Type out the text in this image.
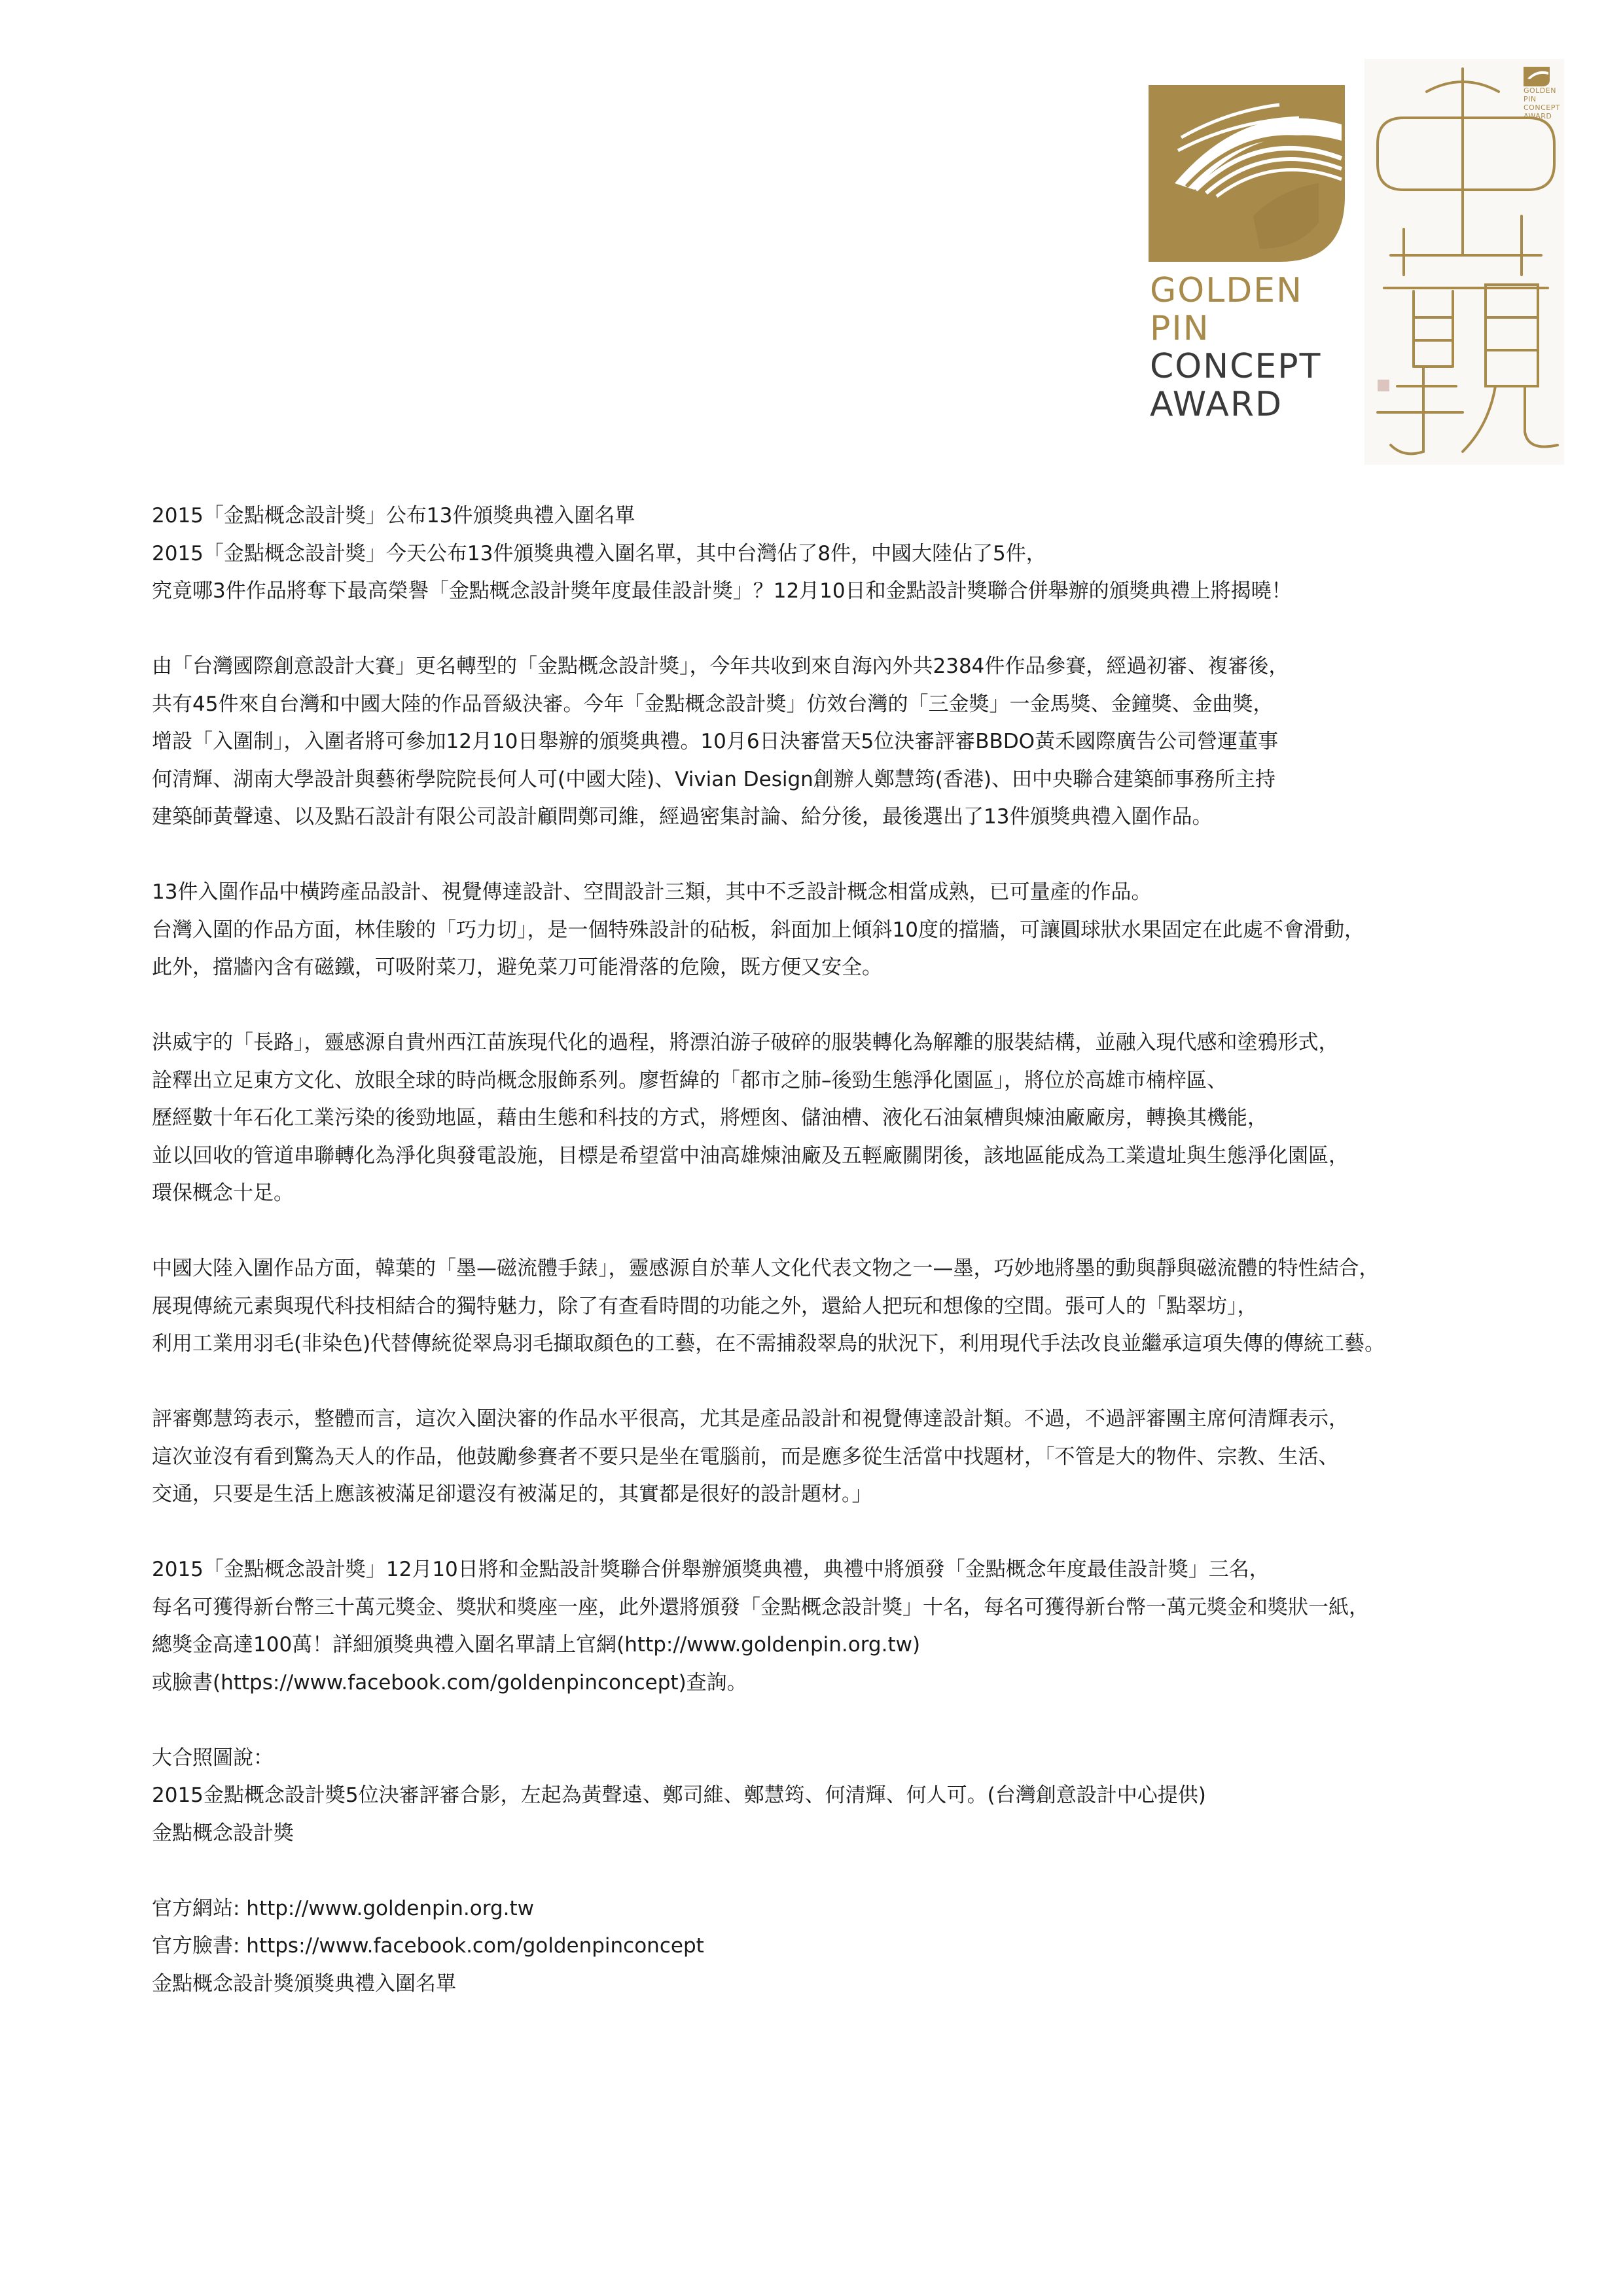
GOLDEN
PIN
CONCEPT
AWARD
GOLDEN
PIN
CONCEPT
AWARD

2015「金點概念設計獎」公布13件頒獎典禮入圍名單

2015「金點概念設計獎」今天公布13件頒獎典禮入圍名單，其中台灣佔了8件，中國大陸佔了5件，

究竟哪3件作品將奪下最高榮譽「金點概念設計獎年度最佳設計獎」？12月10日和金點設計獎聯合併舉辦的頒獎典禮上將揭曉！

由「台灣國際創意設計大賽」更名轉型的「金點概念設計獎」，今年共收到來自海內外共2384件作品參賽，經過初審、複審後，

共有45件來自台灣和中國大陸的作品晉級決審。今年「金點概念設計獎」仿效台灣的「三金獎」一金馬獎、金鐘獎、金曲獎，

增設「入圍制」，入圍者將可參加12月10日舉辦的頒獎典禮。10月6日決審當天5位決審評審BBDO黃禾國際廣告公司營運董事

何清輝、湖南大學設計與藝術學院院長何人可(中國大陸)、Vivian Design創辦人鄭慧筠(香港)、田中央聯合建築師事務所主持

建築師黃聲遠、以及點石設計有限公司設計顧問鄭司維，經過密集討論、給分後，最後選出了13件頒獎典禮入圍作品。

13件入圍作品中橫跨產品設計、視覺傳達設計、空間設計三類，其中不乏設計概念相當成熟，已可量產的作品。

台灣入圍的作品方面，林佳駿的「巧力切」，是一個特殊設計的砧板，斜面加上傾斜10度的擋牆，可讓圓球狀水果固定在此處不會滑動，

此外，擋牆內含有磁鐵，可吸附菜刀，避免菜刀可能滑落的危險，既方便又安全。

洪威宇的「長路」，靈感源自貴州西江苗族現代化的過程，將漂泊游子破碎的服裝轉化為解離的服裝結構，並融入現代感和塗鴉形式，

詮釋出立足東方文化、放眼全球的時尚概念服飾系列。廖哲緯的「都市之肺–後勁生態淨化園區」，將位於高雄市楠梓區、

歷經數十年石化工業污染的後勁地區，藉由生態和科技的方式，將煙囪、儲油槽、液化石油氣槽與煉油廠廠房，轉換其機能，

並以回收的管道串聯轉化為淨化與發電設施，目標是希望當中油高雄煉油廠及五輕廠關閉後，該地區能成為工業遺址與生態淨化園區，

環保概念十足。

中國大陸入圍作品方面，韓葉的「墨—磁流體手錶」，靈感源自於華人文化代表文物之一—墨，巧妙地將墨的動與靜與磁流體的特性結合，

展現傳統元素與現代科技相結合的獨特魅力，除了有查看時間的功能之外，還給人把玩和想像的空間。張可人的「點翠坊」，

利用工業用羽毛(非染色)代替傳統從翠鳥羽毛擷取顏色的工藝，在不需捕殺翠鳥的狀況下，利用現代手法改良並繼承這項失傳的傳統工藝。

評審鄭慧筠表示，整體而言，這次入圍決審的作品水平很高，尤其是產品設計和視覺傳達設計類。不過，不過評審團主席何清輝表示，

這次並沒有看到驚為天人的作品，他鼓勵參賽者不要只是坐在電腦前，而是應多從生活當中找題材，「不管是大的物件、宗教、生活、

交通，只要是生活上應該被滿足卻還沒有被滿足的，其實都是很好的設計題材。」

2015「金點概念設計獎」12月10日將和金點設計獎聯合併舉辦頒獎典禮，典禮中將頒發「金點概念年度最佳設計獎」三名，

每名可獲得新台幣三十萬元獎金、獎狀和獎座一座，此外還將頒發「金點概念設計獎」十名，每名可獲得新台幣一萬元獎金和獎狀一紙，

總獎金高達100萬！詳細頒獎典禮入圍名單請上官網(http://www.goldenpin.org.tw)

或臉書(https://www.facebook.com/goldenpinconcept)查詢。

大合照圖說：

2015金點概念設計獎5位決審評審合影，左起為黃聲遠、鄭司維、鄭慧筠、何清輝、何人可。(台灣創意設計中心提供)

金點概念設計獎

官方網站: http://www.goldenpin.org.tw

官方臉書: https://www.facebook.com/goldenpinconcept

金點概念設計獎頒獎典禮入圍名單
